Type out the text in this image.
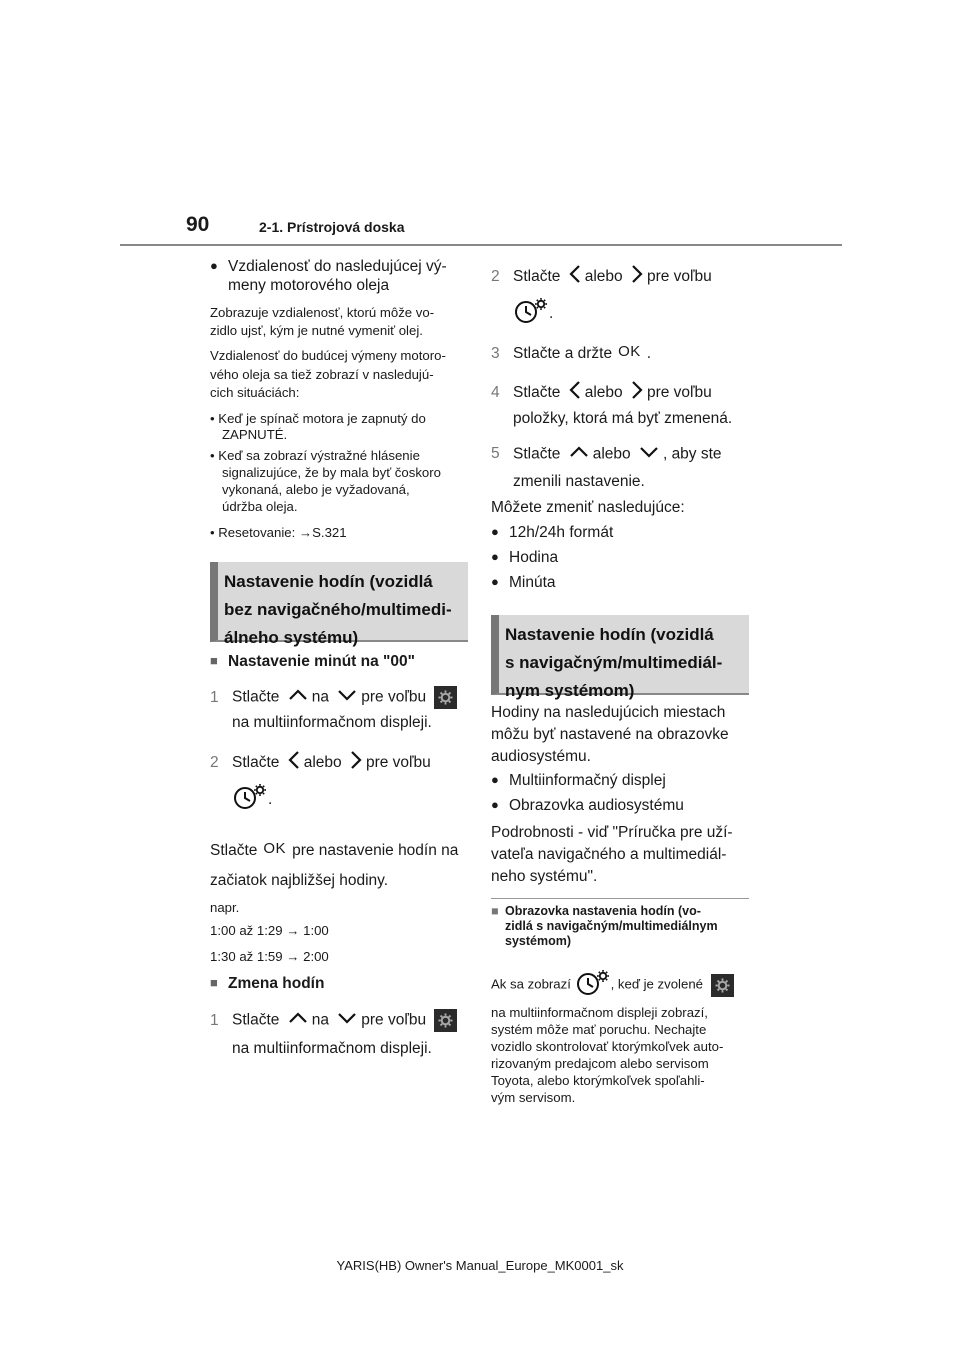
90	2-1. Prístrojová doska
● Vzdialenosť do nasledujúcej vý-
meny motorového oleja
Zobrazuje vzdialenosť, ktorú môže vo-
zidlo ujsť, kým je nutné vymeniť olej.
Vzdialenosť do budúcej výmeny motoro-
vého oleja sa tiež zobrazí v nasledujú-
cich situáciách:
• Keď je spínač motora je zapnutý do
ZAPNUTÉ.
• Keď sa zobrazí výstražné hlásenie
signalizujúce, že by mala byť čoskoro
vykonaná, alebo je vyžadovaná,
údržba oleja.
• Resetovanie: →S.321
Nastavenie hodín (vozidlá
bez navigačného/multimedi-
álneho systému)
■ Nastavenie minút na "00"
1 Stlačte na pre voľbu
na multiinformačnom displeji.
2 Stlačte alebo pre voľbu
.
Stlačte OK pre nastavenie hodín na
začiatok najbližšej hodiny.
napr.
1:00 až 1:29 → 1:00
1:30 až 1:59 → 2:00
■ Zmena hodín
1 Stlačte na pre voľbu
na multiinformačnom displeji.
2 Stlačte alebo pre voľbu
.
3 Stlačte a držte OK .
4 Stlačte alebo pre voľbu
položky, ktorá má byť zmenená.
5 Stlačte alebo , aby ste
zmenili nastavenie.
Môžete zmeniť nasledujúce:
● 12h/24h formát
● Hodina
● Minúta
Nastavenie hodín (vozidlá
s navigačným/multimediál-
nym systémom)
Hodiny na nasledujúcich miestach
môžu byť nastavené na obrazovke
audiosystému.
● Multiinformačný displej
● Obrazovka audiosystému
Podrobnosti - viď "Príručka pre uží-
vateľa navigačného a multimediál-
neho systému".
■ Obrazovka nastavenia hodín (vo-
zidlá s navigačným/multimediálnym
systémom)
Ak sa zobrazí	, keď je zvolené
na multiinformačnom displeji zobrazí,
systém môže mať poruchu. Nechajte
vozidlo skontrolovať ktorýmkoľvek auto-
rizovaným predajcom alebo servisom
Toyota, alebo ktorýmkoľvek spoľahli-
vým servisom.
YARIS(HB) Owner's Manual_Europe_MK0001_sk
